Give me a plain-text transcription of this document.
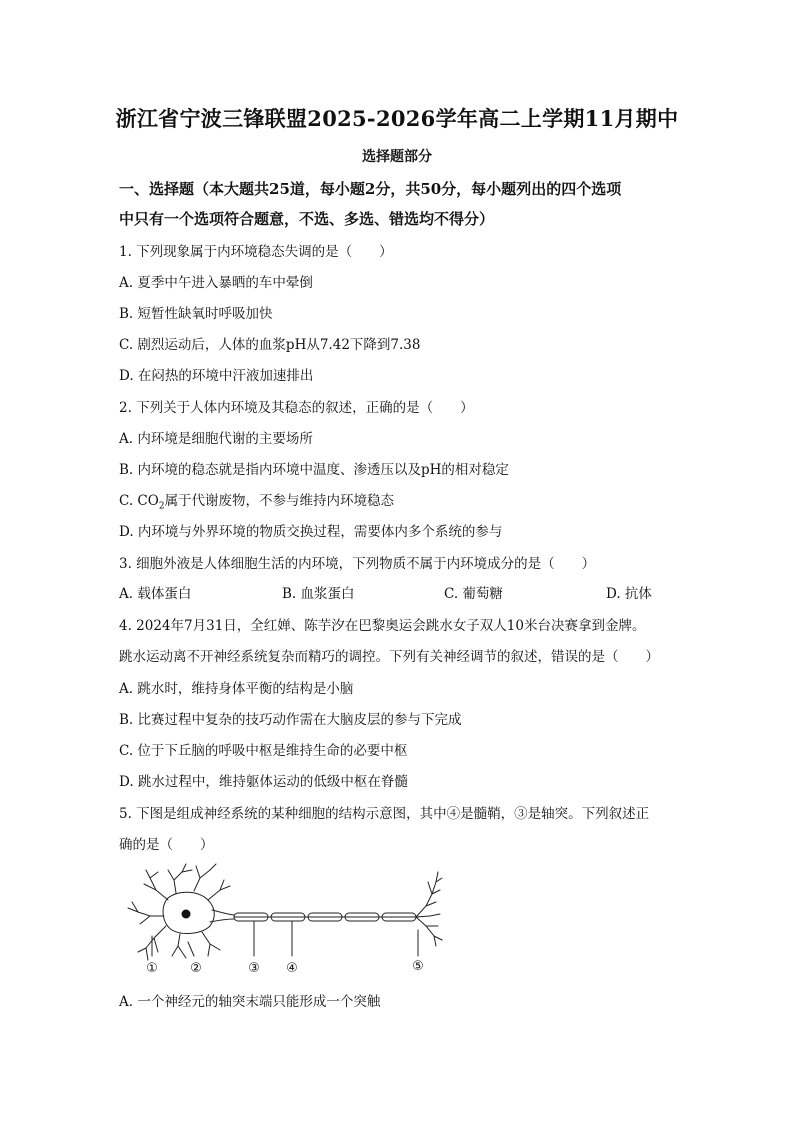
浙江省宁波三锋联盟2025-2026学年高二上学期11月期中
选择题部分
一、选择题（本大题共25道，每小题2分，共50分，每小题列出的四个选项
中只有一个选项符合题意，不选、多选、错选均不得分）
1. 下列现象属于内环境稳态失调的是（　　）
A. 夏季中午进入暴晒的车中晕倒
B. 短暂性缺氧时呼吸加快
C. 剧烈运动后，人体的血浆pH从7.42下降到7.38
D. 在闷热的环境中汗液加速排出
2. 下列关于人体内环境及其稳态的叙述，正确的是（　　）
A. 内环境是细胞代谢的主要场所
B. 内环境的稳态就是指内环境中温度、渗透压以及pH的相对稳定
C. $CO_2$属于代谢废物，不参与维持内环境稳态
D. 内环境与外界环境的物质交换过程，需要体内多个系统的参与
3. 细胞外液是人体细胞生活的内环境，下列物质不属于内环境成分的是（　　）
A. 载体蛋白	B. 血浆蛋白	C. 葡萄糖	D. 抗体
4. 2024年7月31日，全红婵、陈芋汐在巴黎奥运会跳水女子双人10米台决赛拿到金牌。
跳水运动离不开神经系统复杂而精巧的调控。下列有关神经调节的叙述，错误的是（　　）
A. 跳水时，维持身体平衡的结构是小脑
B. 比赛过程中复杂的技巧动作需在大脑皮层的参与下完成
C. 位于下丘脑的呼吸中枢是维持生命的必要中枢
D. 跳水过程中，维持躯体运动的低级中枢在脊髓
5. 下图是组成神经系统的某种细胞的结构示意图，其中④是髓鞘，③是轴突。下列叙述正
确的是（　　）
① ②	③ ④	⑤
A. 一个神经元的轴突末端只能形成一个突触
